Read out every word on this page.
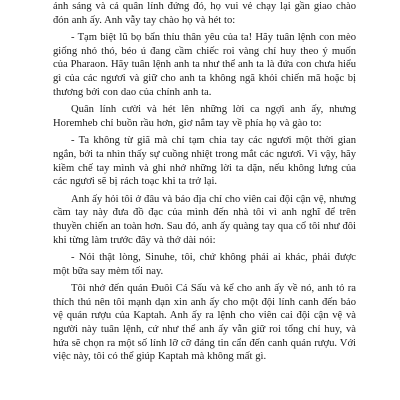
ánh sáng và cả quân lính đứng đó, họ vui vẻ chạy lại gần giao chào đón anh ấy. Anh vẫy tay chào họ và hét to:

- Tạm biệt lũ bọ bẩn thỉu thân yêu của ta! Hãy tuân lệnh con mèo giống nhỏ thó, béo ú đang cầm chiếc roi vàng chỉ huy theo ý muốn của Pharaon. Hãy tuân lệnh anh ta như thể anh ta là đứa con chưa hiểu gì của các ngươi và giữ cho anh ta không ngã khỏi chiến mã hoặc bị thương bởi con dao của chính anh ta.

Quân lính cười và hét lên những lời ca ngợi anh ấy, nhưng Horemheb chỉ buồn rầu hơn, giơ nắm tay về phía họ và gào to:

- Ta không từ giã mà chỉ tạm chia tay các ngươi một thời gian ngắn, bởi ta nhìn thấy sự cuồng nhiệt trong mắt các ngươi. Vì vậy, hãy kiềm chế tay mình và ghi nhớ những lời ta dặn, nếu không lưng của các ngươi sẽ bị rách toạc khi ta trở lại.

Anh ấy hỏi tôi ở đâu và báo địa chỉ cho viên cai đội cận vệ, nhưng cầm tay này đưa đồ đạc của mình đến nhà tôi vì anh nghĩ để trên thuyền chiến an toàn hơn. Sau đó, anh ấy quàng tay qua cổ tôi như đôi khi từng làm trước đây và thở dài nói:

- Nói thật lòng, Sinuhe, tôi, chứ không phải ai khác, phải được một bữa say mèm tối nay.

Tôi nhớ đến quán Đuôi Cá Sấu và kể cho anh ấy về nó, anh tỏ ra thích thú nên tôi mạnh dạn xin anh ấy cho một đội lính canh đến bảo vệ quán rượu của Kaptah. Anh ấy ra lệnh cho viên cai đội cận vệ và người này tuân lệnh, cứ như thể anh ấy vẫn giữ roi tổng chỉ huy, và hứa sẽ chọn ra một số lính lỡ cỡ đáng tin cẩn đến canh quán rượu. Với việc này, tôi có thể giúp Kaptah mà không mất gì.
